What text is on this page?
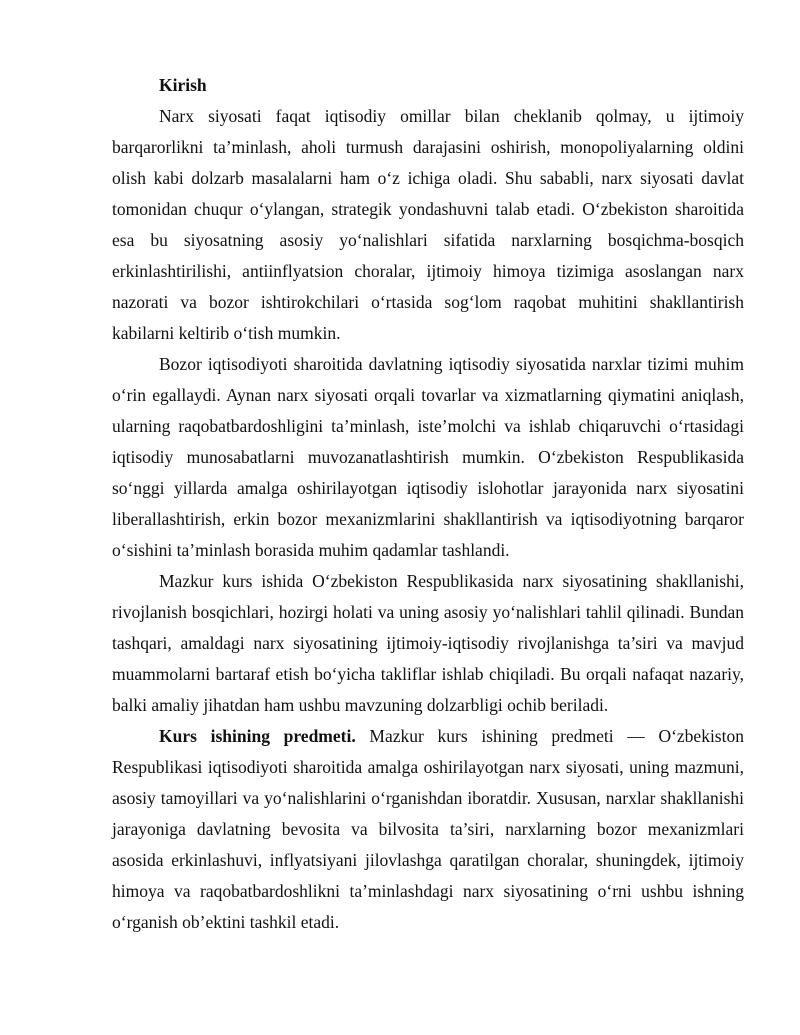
Kirish

Narx siyosati faqat iqtisodiy omillar bilan cheklanib qolmay, u ijtimoiy barqarorlikni ta’minlash, aholi turmush darajasini oshirish, monopoliyalarning oldini olish kabi dolzarb masalalarni ham o‘z ichiga oladi. Shu sababli, narx siyosati davlat tomonidan chuqur o‘ylangan, strategik yondashuvni talab etadi. O‘zbekiston sharoitida esa bu siyosatning asosiy yo‘nalishlari sifatida narxlarning bosqichma-bosqich erkinlashtirilishi, antiinflyatsion choralar, ijtimoiy himoya tizimiga asoslangan narx nazorati va bozor ishtirokchilari o‘rtasida sog‘lom raqobat muhitini shakllantirish kabilarni keltirib o‘tish mumkin.

Bozor iqtisodiyoti sharoitida davlatning iqtisodiy siyosatida narxlar tizimi muhim o‘rin egallaydi. Aynan narx siyosati orqali tovarlar va xizmatlarning qiymatini aniqlash, ularning raqobatbardoshligini ta’minlash, iste’molchi va ishlab chiqaruvchi o‘rtasidagi iqtisodiy munosabatlarni muvozanatlashtirish mumkin. O‘zbekiston Respublikasida so‘nggi yillarda amalga oshirilayotgan iqtisodiy islohotlar jarayonida narx siyosatini liberallashtirish, erkin bozor mexanizmlarini shakllantirish va iqtisodiyotning barqaror o‘sishini ta’minlash borasida muhim qadamlar tashlandi.

Mazkur kurs ishida O‘zbekiston Respublikasida narx siyosatining shakllanishi, rivojlanish bosqichlari, hozirgi holati va uning asosiy yo‘nalishlari tahlil qilinadi. Bundan tashqari, amaldagi narx siyosatining ijtimoiy-iqtisodiy rivojlanishga ta’siri va mavjud muammolarni bartaraf etish bo‘yicha takliflar ishlab chiqiladi. Bu orqali nafaqat nazariy, balki amaliy jihatdan ham ushbu mavzuning dolzarbligi ochib beriladi.

Kurs ishining predmeti. Mazkur kurs ishining predmeti — O‘zbekiston Respublikasi iqtisodiyoti sharoitida amalga oshirilayotgan narx siyosati, uning mazmuni, asosiy tamoyillari va yo‘nalishlarini o‘rganishdan iboratdir. Xususan, narxlar shakllanishi jarayoniga davlatning bevosita va bilvosita ta’siri, narxlarning bozor mexanizmlari asosida erkinlashuvi, inflyatsiyani jilovlashga qaratilgan choralar, shuningdek, ijtimoiy himoya va raqobatbardoshlikni ta’minlashdagi narx siyosatining o‘rni ushbu ishning o‘rganish ob’ektini tashkil etadi.
